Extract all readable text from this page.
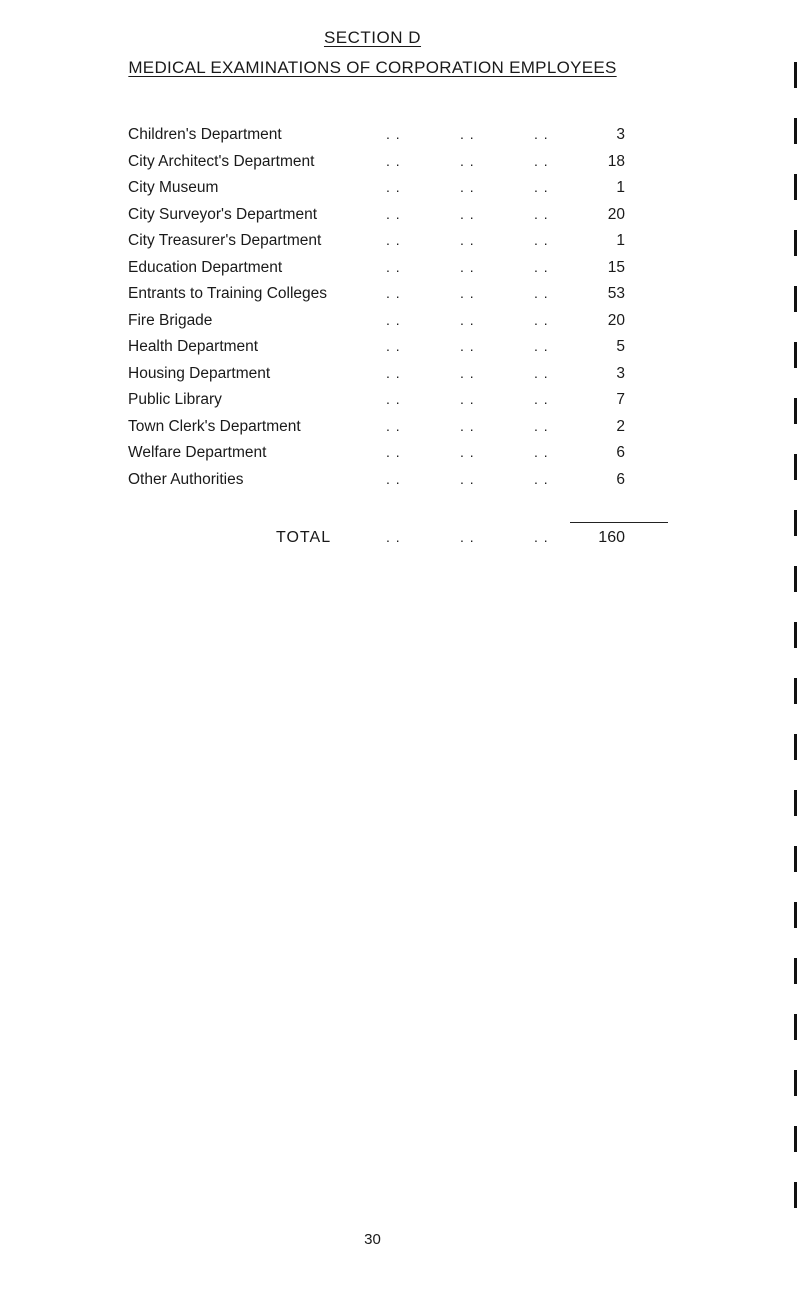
SECTION D
MEDICAL EXAMINATIONS OF CORPORATION EMPLOYEES
Children's Department	. .	. .	. .	3
City Architect's Department	. .	. .	. .	18
City Museum	. .	. .	. .	1
City Surveyor's Department	. .	. .	. .	20
City Treasurer's Department	. .	. .	. .	1
Education Department	. .	. .	. .	15
Entrants to Training Colleges	. .	. .	. .	53
Fire Brigade	. .	. .	. .	20
Health Department	. .	. .	. .	5
Housing Department	. .	. .	. .	3
Public Library	. .	. .	. .	7
Town Clerk's Department	. .	. .	. .	2
Welfare Department	. .	. .	. .	6
Other Authorities	. .	. .	. .	6
TOTAL	. .	. .	. .	160
30
